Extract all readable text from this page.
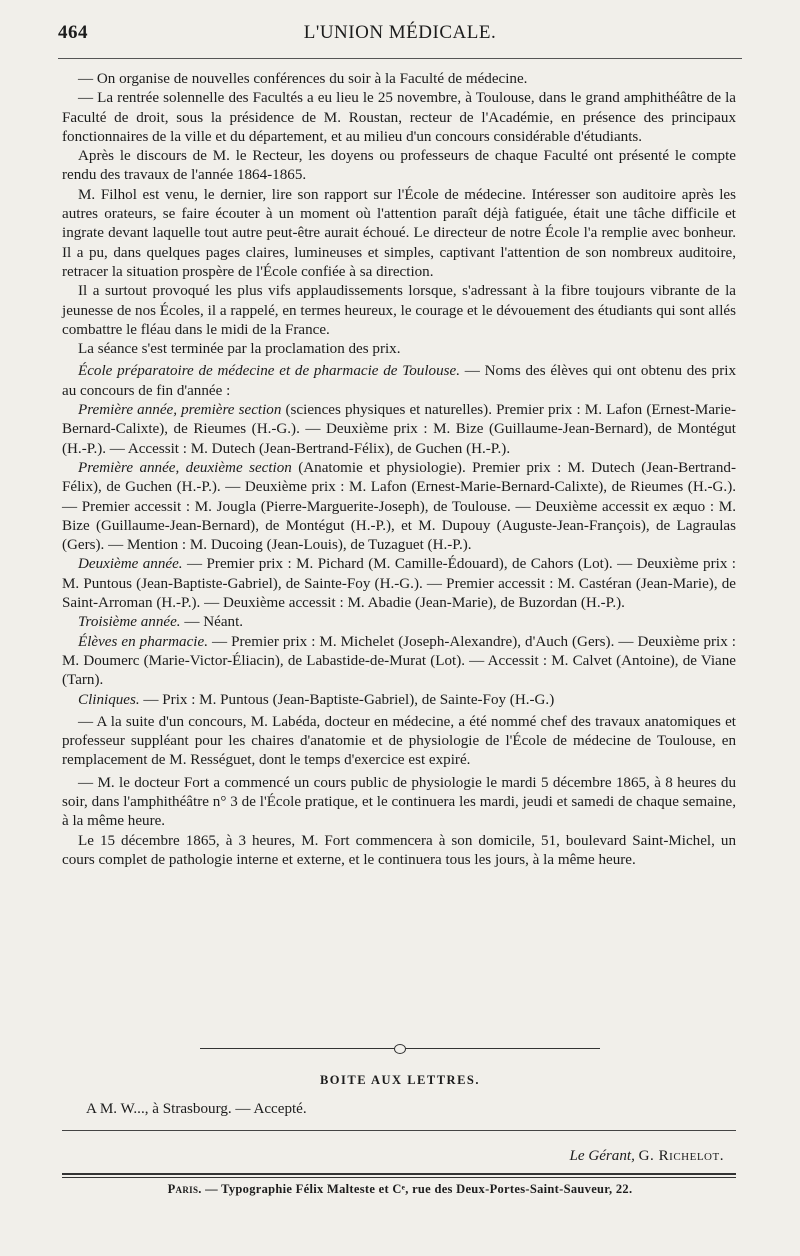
464	L'UNION MÉDICALE.

— On organise de nouvelles conférences du soir à la Faculté de médecine.

— La rentrée solennelle des Facultés a eu lieu le 25 novembre, à Toulouse, dans le grand amphithéâtre de la Faculté de droit, sous la présidence de M. Roustan, recteur de l'Académie, en présence des principaux fonctionnaires de la ville et du département, et au milieu d'un concours considérable d'étudiants.

Après le discours de M. le Recteur, les doyens ou professeurs de chaque Faculté ont présenté le compte rendu des travaux de l'année 1864-1865.

M. Filhol est venu, le dernier, lire son rapport sur l'École de médecine. Intéresser son auditoire après les autres orateurs, se faire écouter à un moment où l'attention paraît déjà fatiguée, était une tâche difficile et ingrate devant laquelle tout autre peut-être aurait échoué. Le directeur de notre École l'a remplie avec bonheur. Il a pu, dans quelques pages claires, lumineuses et simples, captivant l'attention de son nombreux auditoire, retracer la situation prospère de l'École confiée à sa direction.

Il a surtout provoqué les plus vifs applaudissements lorsque, s'adressant à la fibre toujours vibrante de la jeunesse de nos Écoles, il a rappelé, en termes heureux, le courage et le dévouement des étudiants qui sont allés combattre le fléau dans le midi de la France.

La séance s'est terminée par la proclamation des prix.

École préparatoire de médecine et de pharmacie de Toulouse. — Noms des élèves qui ont obtenu des prix au concours de fin d'année :

Première année, première section (sciences physiques et naturelles). Premier prix : M. Lafon (Ernest-Marie-Bernard-Calixte), de Rieumes (H.-G.). — Deuxième prix : M. Bize (Guillaume-Jean-Bernard), de Montégut (H.-P.). — Accessit : M. Dutech (Jean-Bertrand-Félix), de Guchen (H.-P.).

Première année, deuxième section (Anatomie et physiologie). Premier prix : M. Dutech (Jean-Bertrand-Félix), de Guchen (H.-P.). — Deuxième prix : M. Lafon (Ernest-Marie-Bernard-Calixte), de Rieumes (H.-G.). — Premier accessit : M. Jougla (Pierre-Marguerite-Joseph), de Toulouse. — Deuxième accessit ex æquo : M. Bize (Guillaume-Jean-Bernard), de Montégut (H.-P.), et M. Dupouy (Auguste-Jean-François), de Lagraulas (Gers). — Mention : M. Ducoing (Jean-Louis), de Tuzaguet (H.-P.).

Deuxième année. — Premier prix : M. Pichard (M. Camille-Édouard), de Cahors (Lot). — Deuxième prix : M. Puntous (Jean-Baptiste-Gabriel), de Sainte-Foy (H.-G.). — Premier accessit : M. Castéran (Jean-Marie), de Saint-Arroman (H.-P.). — Deuxième accessit : M. Abadie (Jean-Marie), de Buzordan (H.-P.).

Troisième année. — Néant.

Élèves en pharmacie. — Premier prix : M. Michelet (Joseph-Alexandre), d'Auch (Gers). — Deuxième prix : M. Doumerc (Marie-Victor-Éliacin), de Labastide-de-Murat (Lot). — Accessit : M. Calvet (Antoine), de Viane (Tarn).

Cliniques. — Prix : M. Puntous (Jean-Baptiste-Gabriel), de Sainte-Foy (H.-G.)

— A la suite d'un concours, M. Labéda, docteur en médecine, a été nommé chef des travaux anatomiques et professeur suppléant pour les chaires d'anatomie et de physiologie de l'École de médecine de Toulouse, en remplacement de M. Rességuet, dont le temps d'exercice est expiré.

— M. le docteur Fort a commencé un cours public de physiologie le mardi 5 décembre 1865, à 8 heures du soir, dans l'amphithéâtre n° 3 de l'École pratique, et le continuera les mardi, jeudi et samedi de chaque semaine, à la même heure.

Le 15 décembre 1865, à 3 heures, M. Fort commencera à son domicile, 51, boulevard Saint-Michel, un cours complet de pathologie interne et externe, et le continuera tous les jours, à la même heure.

BOITE AUX LETTRES.
A M. W..., à Strasbourg. — Accepté.
Le Gérant, G. Richelot.
Paris. — Typographie Félix Malteste et Cᵉ, rue des Deux-Portes-Saint-Sauveur, 22.
